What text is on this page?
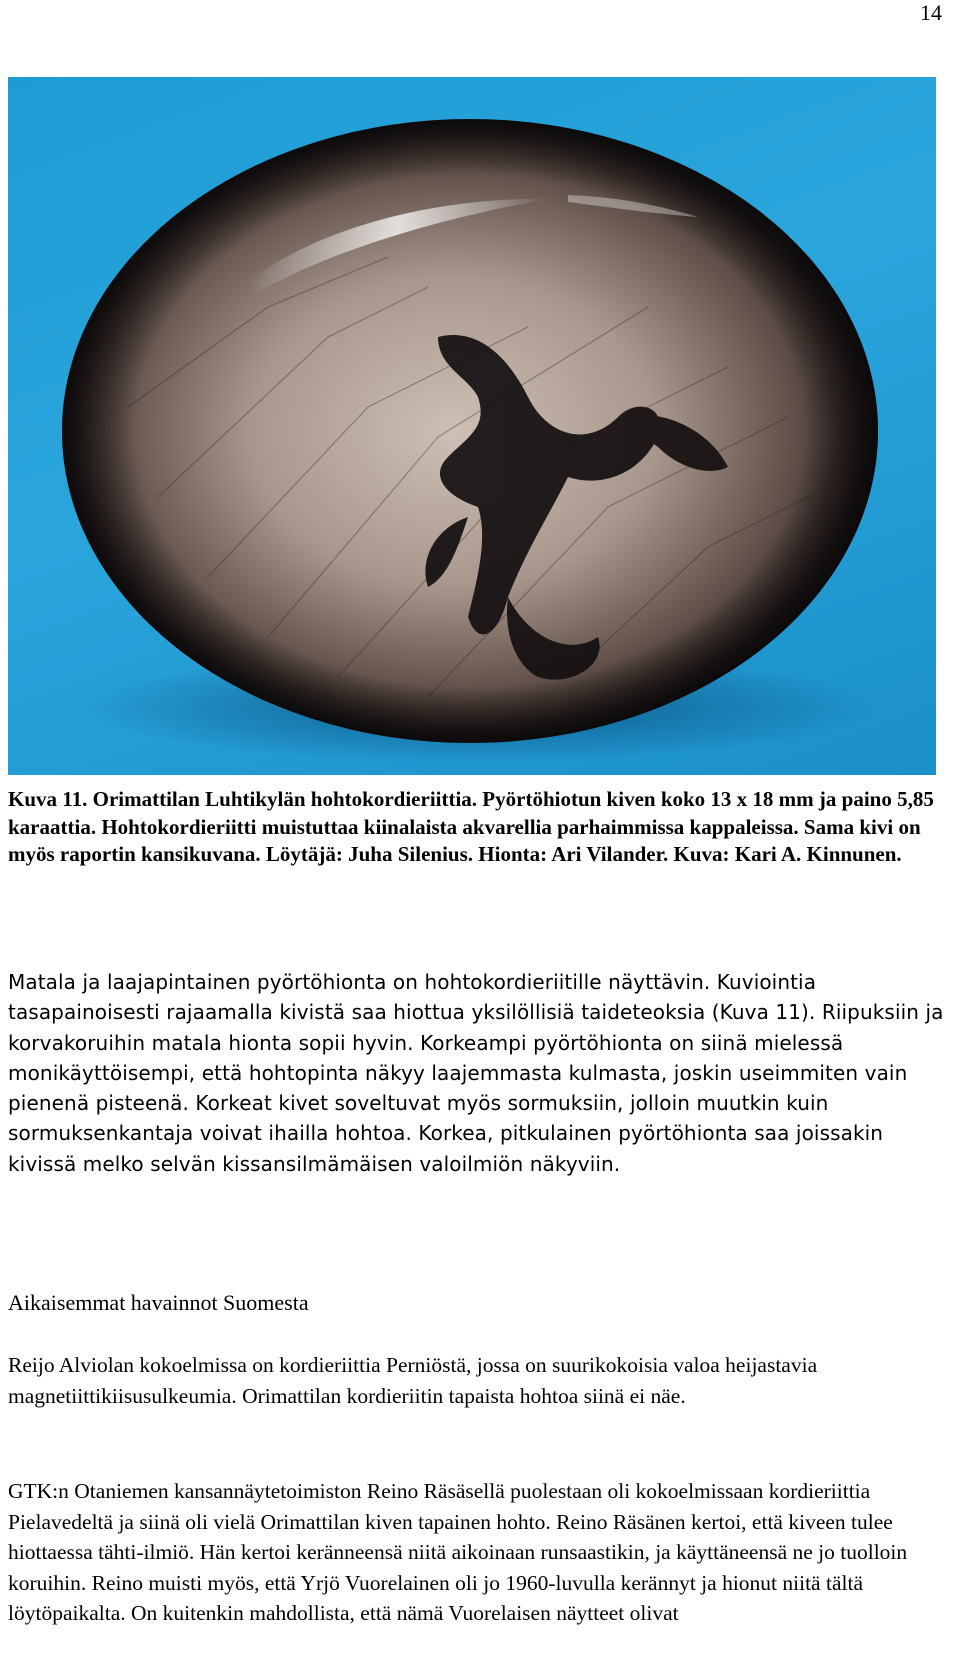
14

Kuva 11. Orimattilan Luhtikylän hohtokordieriittia. Pyörtöhiotun kiven koko 13 x 18 mm ja paino 5,85 karaattia. Hohtokordieriitti muistuttaa kiinalaista akvarellia parhaimmissa kappaleissa. Sama kivi on myös raportin kansikuvana. Löytäjä: Juha Silenius. Hionta: Ari Vilander. Kuva: Kari A. Kinnunen.

Matala ja laajapintainen pyörtöhionta on hohtokordieriitille näyttävin. Kuviointia tasapainoisesti rajaamalla kivistä saa hiottua yksilöllisiä taideteoksia (Kuva 11). Riipuksiin ja korvakoruihin matala hionta sopii hyvin. Korkeampi pyörtöhionta on siinä mielessä monikäyttöisempi, että hohtopinta näkyy laajemmasta kulmasta, joskin useimmiten vain pienenä pisteenä. Korkeat kivet soveltuvat myös sormuksiin, jolloin muutkin kuin sormuksenkantaja voivat ihailla hohtoa. Korkea, pitkulainen pyörtöhionta saa joissakin kivissä melko selvän kissansilmämäisen valoilmiön näkyviin.

Aikaisemmat havainnot Suomesta

Reijo Alviolan kokoelmissa on kordieriittia Perniöstä, jossa on suurikokoisia valoa heijastavia magnetiittikiisusulkeumia. Orimattilan kordieriitin tapaista hohtoa siinä ei näe.

GTK:n Otaniemen kansannäytetoimiston Reino Räsäsellä puolestaan oli kokoelmissaan kordieriittia Pielavedeltä ja siinä oli vielä Orimattilan kiven tapainen hohto. Reino Räsänen kertoi, että kiveen tulee hiottaessa tähti-ilmiö. Hän kertoi keränneensä niitä aikoinaan runsaastikin, ja käyttäneensä ne jo tuolloin koruihin. Reino muisti myös, että Yrjö Vuorelainen oli jo 1960-luvulla kerännyt ja hionut niitä tältä löytöpaikalta. On kuitenkin mahdollista, että nämä Vuorelaisen näytteet olivat
